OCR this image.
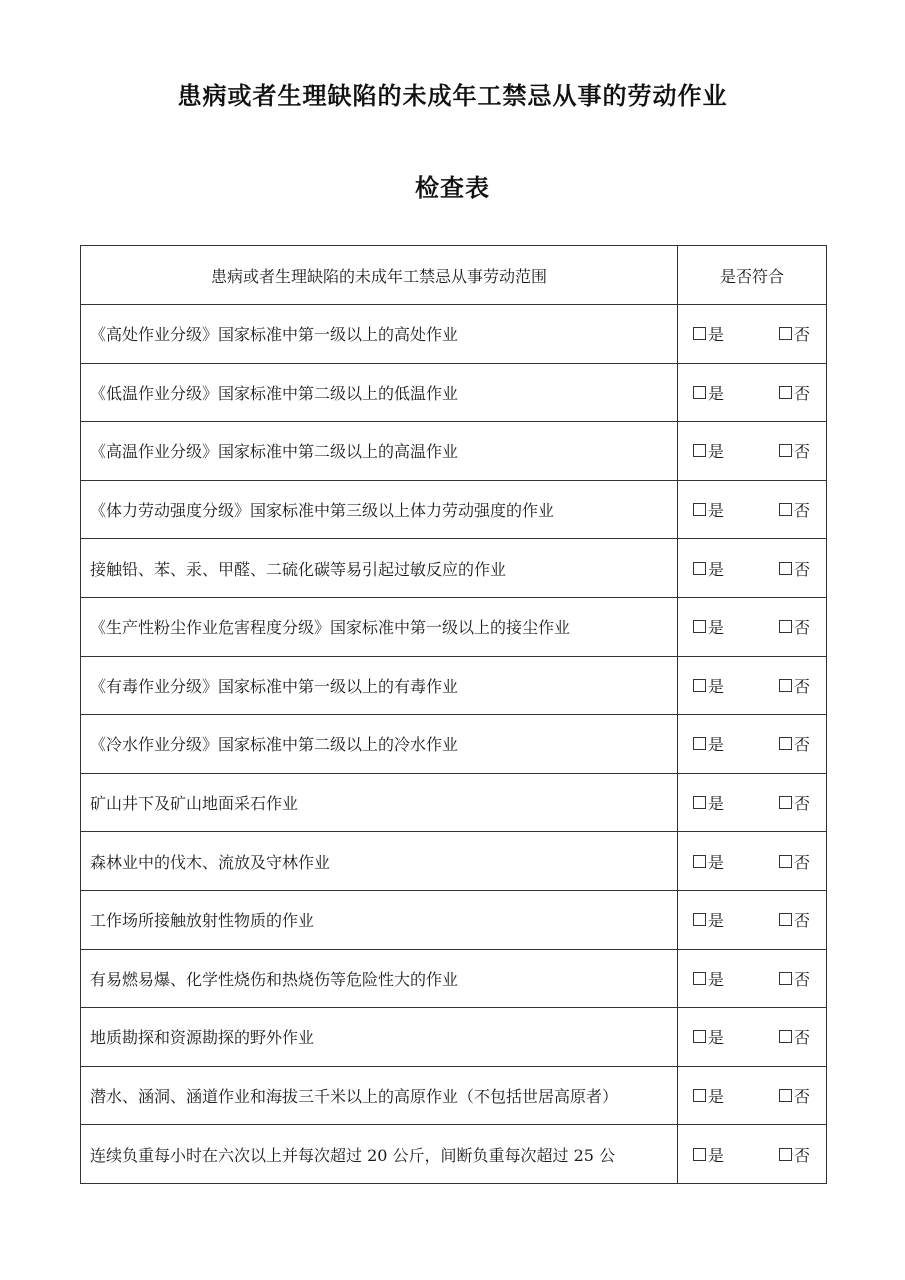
患病或者生理缺陷的未成年工禁忌从事的劳动作业
检查表
患病或者生理缺陷的未成年工禁忌从事劳动范围	是否符合
《高处作业分级》国家标准中第一级以上的高处作业	是 否

《低温作业分级》国家标准中第二级以上的低温作业	是 否

《高温作业分级》国家标准中第二级以上的高温作业	是 否

《体力劳动强度分级》国家标准中第三级以上体力劳动强度的作业	是 否

接触铅、苯、汞、甲醛、二硫化碳等易引起过敏反应的作业	是 否

《生产性粉尘作业危害程度分级》国家标准中第一级以上的接尘作业	是 否

《有毒作业分级》国家标准中第一级以上的有毒作业	是 否

《冷水作业分级》国家标准中第二级以上的冷水作业	是 否

矿山井下及矿山地面采石作业	是 否

森林业中的伐木、流放及守林作业	是 否

工作场所接触放射性物质的作业	是 否

有易燃易爆、化学性烧伤和热烧伤等危险性大的作业	是 否

地质勘探和资源勘探的野外作业	是 否

潜水、涵洞、涵道作业和海拔三千米以上的高原作业（不包括世居高原者）	是 否

连续负重每小时在六次以上并每次超过 20 公斤，间断负重每次超过 25 公	是 否
